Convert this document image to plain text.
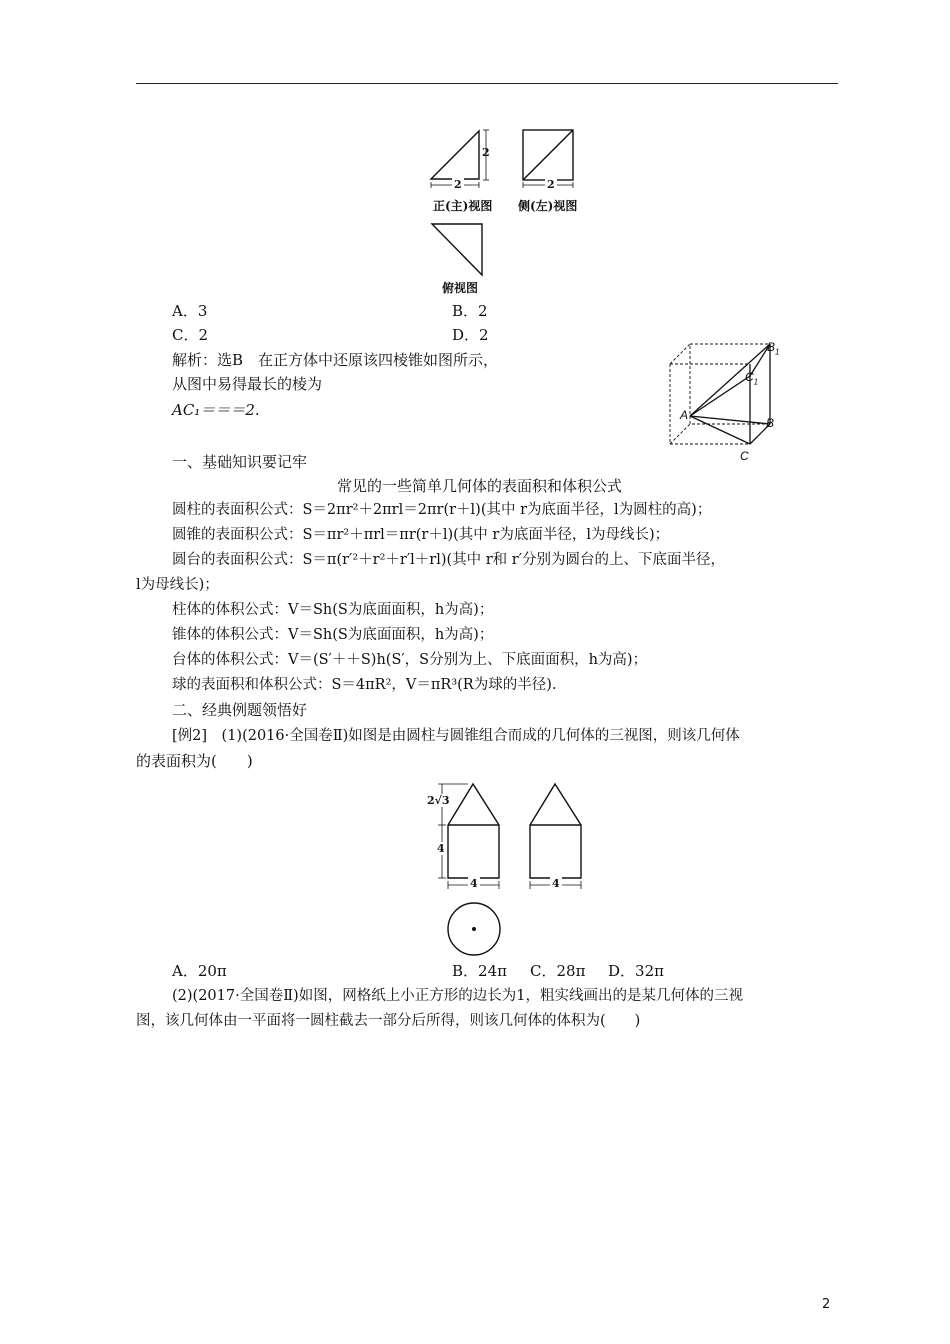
2
2	2
正(主)视图 侧(左)视图
俯视图
A．3	B．2
C．2	D．2
解析：选B　在正方体中还原该四棱锥如图所示，
从图中易得最长的棱为
AC₁＝＝＝2.
$B_1$
$C_1$
A
B
C
一、基础知识要记牢
常见的一些简单几何体的表面积和体积公式
圆柱的表面积公式：S＝2πr²＋2πrl＝2πr(r＋l)(其中 r为底面半径，l为圆柱的高)；
圆锥的表面积公式：S＝πr²＋πrl＝πr(r＋l)(其中 r为底面半径，l为母线长)；
圆台的表面积公式：S＝π(r′²＋r²＋r′l＋rl)(其中 r和 r′分别为圆台的上、下底面半径，
l为母线长)；
柱体的体积公式：V＝Sh(S为底面面积，h为高)；
锥体的体积公式：V＝Sh(S为底面面积，h为高)；
台体的体积公式：V＝(S′＋＋S)h(S′，S分别为上、下底面面积，h为高)；
球的表面积和体积公式：S＝4πR²，V＝πR³(R为球的半径).
二、经典例题领悟好
[例2]　(1)(2016·全国卷Ⅱ)如图是由圆柱与圆锥组合而成的几何体的三视图，则该几何体
的表面积为(　　)
2√3
4
4	4
A．20π	B．24π C．28π D．32π
(2)(2017·全国卷Ⅱ)如图，网格纸上小正方形的边长为1，粗实线画出的是某几何体的三视
图，该几何体由一平面将一圆柱截去一部分后所得，则该几何体的体积为(　　)
2
